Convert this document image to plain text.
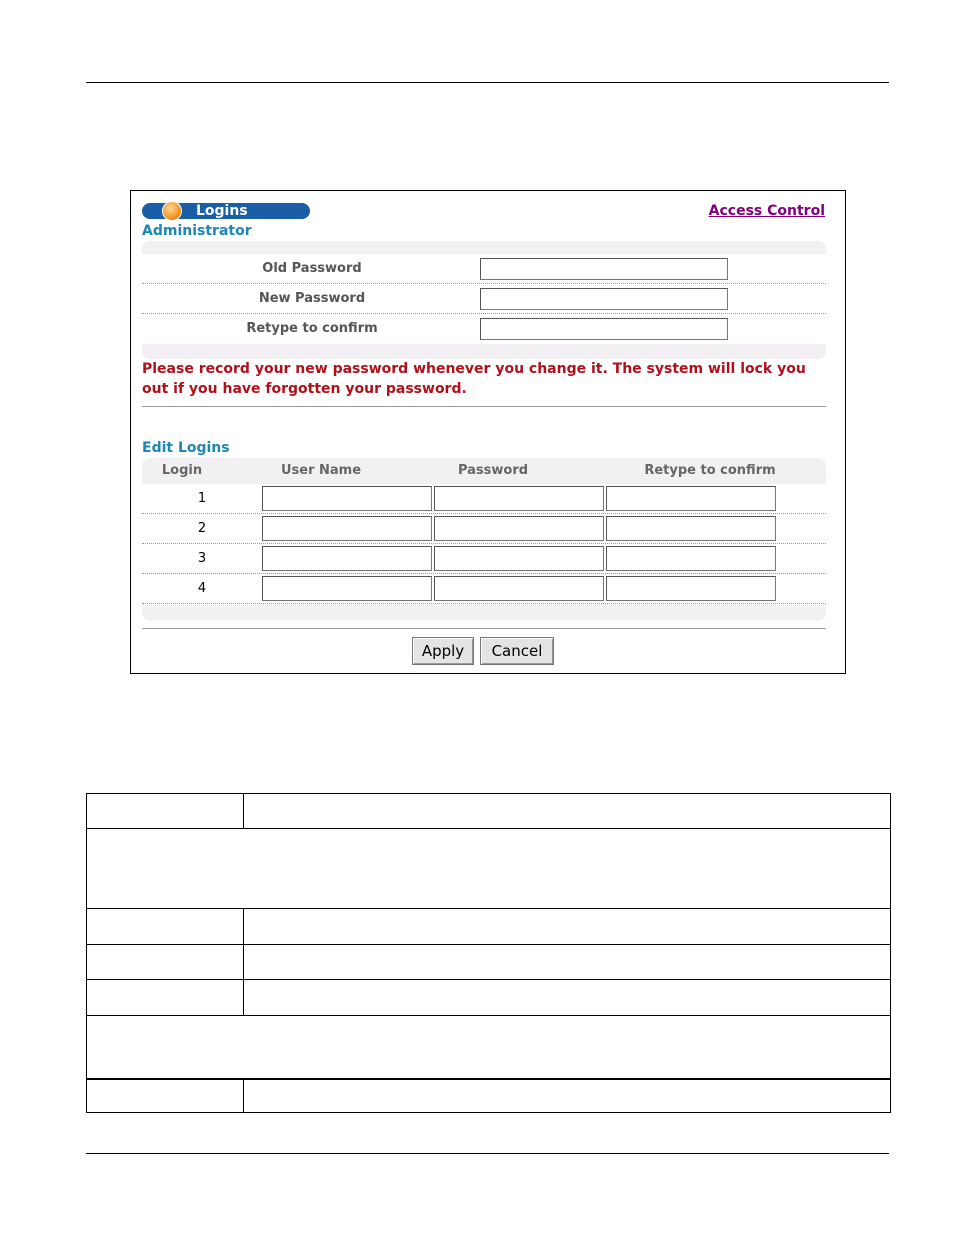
Logins	Access Control
Administrator
Old Password
New Password
Retype to confirm
Please record your new password whenever you change it. The system will lock you out if you have forgotten your password.
Edit Logins
Login	User Name	Password	Retype to confirm
1
2
3
4
Apply	Cancel
